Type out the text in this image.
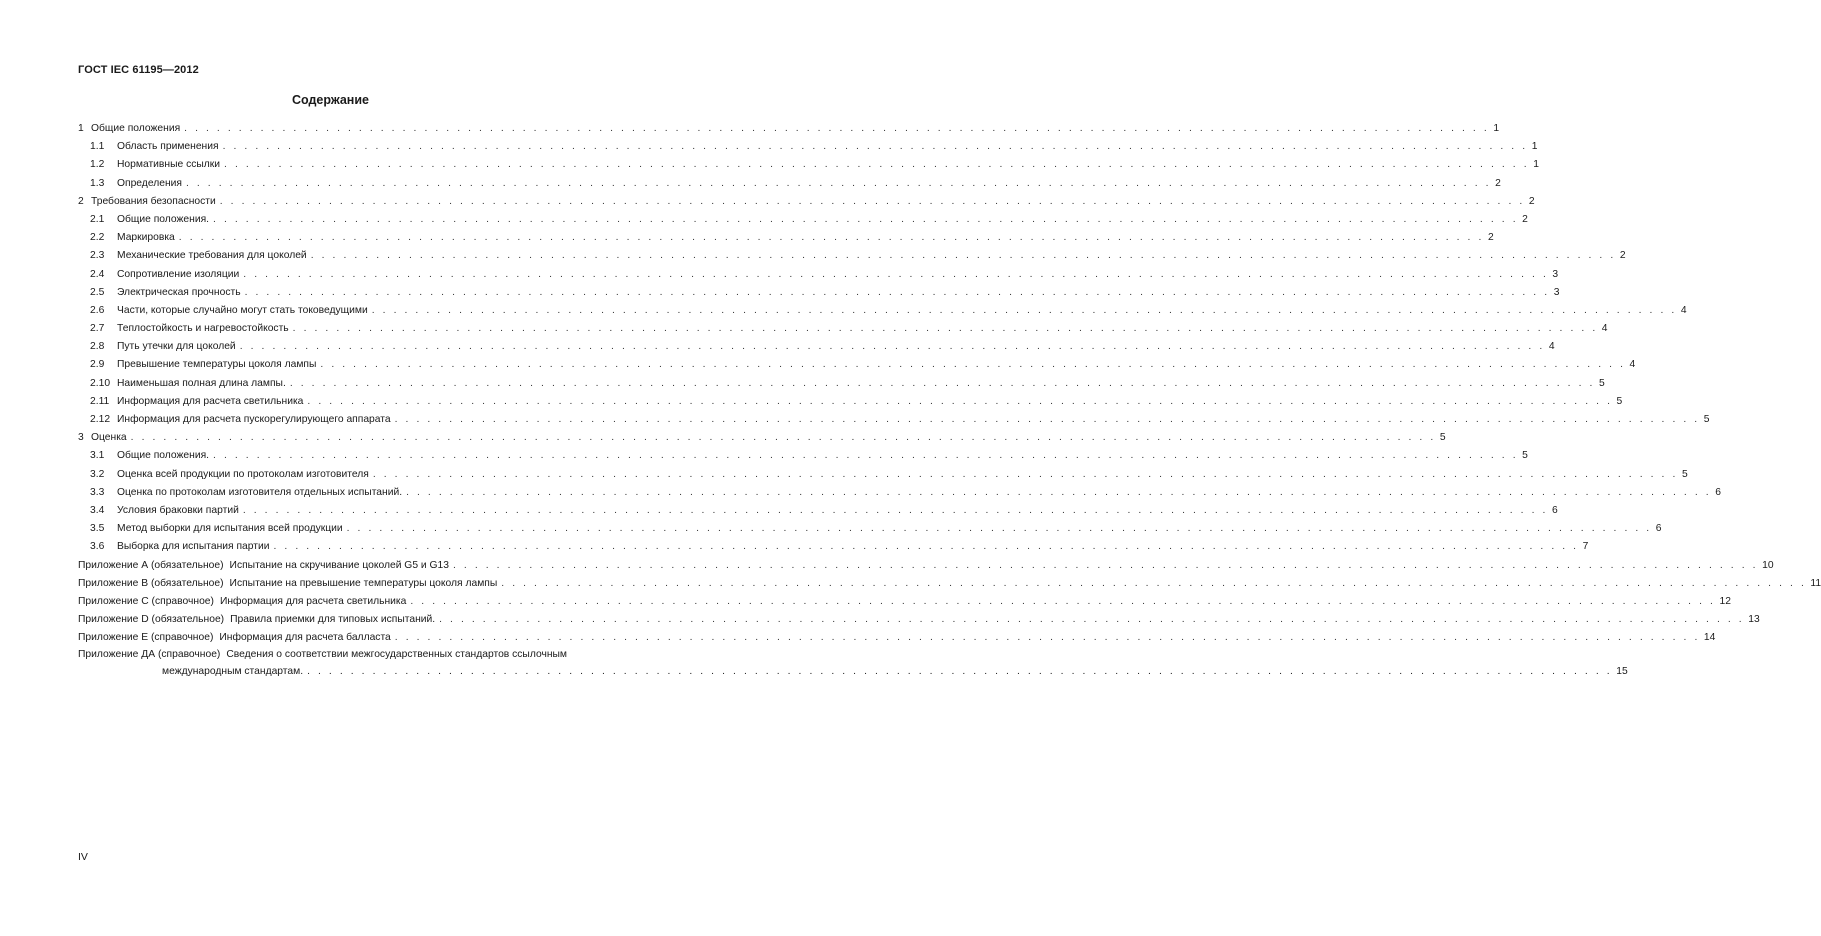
ГОСТ IEC 61195—2012
Содержание
1 Общие положения . . . . . . . . . . . . . . . . . . . . . . . . . . . . . . . . . . . . . . . . . . . . . . . . . . . . . . . . . . . . . . . . . . . . . . . . . . . . . . . . . . . . . . . . . . . . . . . . . . . . . . . . . . . . . . . . . . . . . . . . 1
1.1	Область применения . . . . . . . . . . . . . . . . . . . . . . . . . . . . . . . . . . . . . . . . . . . . . . . . . . . . . . . . . . . . . . . . . . . . . . . . . . . . . . . . . . . . . . . . . . . . . . . . . . . . . . . . . . . . . . . . . . . . . . . . 1
1.2	Нормативные ссылки . . . . . . . . . . . . . . . . . . . . . . . . . . . . . . . . . . . . . . . . . . . . . . . . . . . . . . . . . . . . . . . . . . . . . . . . . . . . . . . . . . . . . . . . . . . . . . . . . . . . . . . . . . . . . . . . . . . . . . . . 1
1.3	Определения . . . . . . . . . . . . . . . . . . . . . . . . . . . . . . . . . . . . . . . . . . . . . . . . . . . . . . . . . . . . . . . . . . . . . . . . . . . . . . . . . . . . . . . . . . . . . . . . . . . . . . . . . . . . . . . . . . . . . . . . 2
2 Требования безопасности . . . . . . . . . . . . . . . . . . . . . . . . . . . . . . . . . . . . . . . . . . . . . . . . . . . . . . . . . . . . . . . . . . . . . . . . . . . . . . . . . . . . . . . . . . . . . . . . . . . . . . . . . . . . . . . . . . . . . . . . 2
2.1	Общие положения. . . . . . . . . . . . . . . . . . . . . . . . . . . . . . . . . . . . . . . . . . . . . . . . . . . . . . . . . . . . . . . . . . . . . . . . . . . . . . . . . . . . . . . . . . . . . . . . . . . . . . . . . . . . . . . . . . . . . . . . . 2
2.2	Маркировка . . . . . . . . . . . . . . . . . . . . . . . . . . . . . . . . . . . . . . . . . . . . . . . . . . . . . . . . . . . . . . . . . . . . . . . . . . . . . . . . . . . . . . . . . . . . . . . . . . . . . . . . . . . . . . . . . . . . . . . . 2
2.3	Механические требования для цоколей . . . . . . . . . . . . . . . . . . . . . . . . . . . . . . . . . . . . . . . . . . . . . . . . . . . . . . . . . . . . . . . . . . . . . . . . . . . . . . . . . . . . . . . . . . . . . . . . . . . . . . . . . . . . . . . . . . . . . . . . 2
2.4	Сопротивление изоляции . . . . . . . . . . . . . . . . . . . . . . . . . . . . . . . . . . . . . . . . . . . . . . . . . . . . . . . . . . . . . . . . . . . . . . . . . . . . . . . . . . . . . . . . . . . . . . . . . . . . . . . . . . . . . . . . . . . . . . . . 3
2.5	Электрическая прочность . . . . . . . . . . . . . . . . . . . . . . . . . . . . . . . . . . . . . . . . . . . . . . . . . . . . . . . . . . . . . . . . . . . . . . . . . . . . . . . . . . . . . . . . . . . . . . . . . . . . . . . . . . . . . . . . . . . . . . . . 3
2.6	Части, которые случайно могут стать токоведущими . . . . . . . . . . . . . . . . . . . . . . . . . . . . . . . . . . . . . . . . . . . . . . . . . . . . . . . . . . . . . . . . . . . . . . . . . . . . . . . . . . . . . . . . . . . . . . . . . . . . . . . . . . . . . . . . . . . . . . . . 4
2.7	Теплостойкость и нагревостойкость . . . . . . . . . . . . . . . . . . . . . . . . . . . . . . . . . . . . . . . . . . . . . . . . . . . . . . . . . . . . . . . . . . . . . . . . . . . . . . . . . . . . . . . . . . . . . . . . . . . . . . . . . . . . . . . . . . . . . . . . 4
2.8	Путь утечки для цоколей . . . . . . . . . . . . . . . . . . . . . . . . . . . . . . . . . . . . . . . . . . . . . . . . . . . . . . . . . . . . . . . . . . . . . . . . . . . . . . . . . . . . . . . . . . . . . . . . . . . . . . . . . . . . . . . . . . . . . . . . 4
2.9	Превышение температуры цоколя лампы . . . . . . . . . . . . . . . . . . . . . . . . . . . . . . . . . . . . . . . . . . . . . . . . . . . . . . . . . . . . . . . . . . . . . . . . . . . . . . . . . . . . . . . . . . . . . . . . . . . . . . . . . . . . . . . . . . . . . . . . 4
2.10 Наименьшая полная длина лампы. . . . . . . . . . . . . . . . . . . . . . . . . . . . . . . . . . . . . . . . . . . . . . . . . . . . . . . . . . . . . . . . . . . . . . . . . . . . . . . . . . . . . . . . . . . . . . . . . . . . . . . . . . . . . . . . . . . . . . . . . 5
2.11 Информация для расчета светильника . . . . . . . . . . . . . . . . . . . . . . . . . . . . . . . . . . . . . . . . . . . . . . . . . . . . . . . . . . . . . . . . . . . . . . . . . . . . . . . . . . . . . . . . . . . . . . . . . . . . . . . . . . . . . . . . . . . . . . . . 5
2.12 Информация для расчета пускорегулирующего аппарата . . . . . . . . . . . . . . . . . . . . . . . . . . . . . . . . . . . . . . . . . . . . . . . . . . . . . . . . . . . . . . . . . . . . . . . . . . . . . . . . . . . . . . . . . . . . . . . . . . . . . . . . . . . . . . . . . . . . . . . . 5
3 Оценка . . . . . . . . . . . . . . . . . . . . . . . . . . . . . . . . . . . . . . . . . . . . . . . . . . . . . . . . . . . . . . . . . . . . . . . . . . . . . . . . . . . . . . . . . . . . . . . . . . . . . . . . . . . . . . . . . . . . . . . . 5
3.1	Общие положения. . . . . . . . . . . . . . . . . . . . . . . . . . . . . . . . . . . . . . . . . . . . . . . . . . . . . . . . . . . . . . . . . . . . . . . . . . . . . . . . . . . . . . . . . . . . . . . . . . . . . . . . . . . . . . . . . . . . . . . . . 5
3.2	Оценка всей продукции по протоколам изготовителя . . . . . . . . . . . . . . . . . . . . . . . . . . . . . . . . . . . . . . . . . . . . . . . . . . . . . . . . . . . . . . . . . . . . . . . . . . . . . . . . . . . . . . . . . . . . . . . . . . . . . . . . . . . . . . . . . . . . . . . . 5
3.3	Оценка по протоколам изготовителя отдельных испытаний. . . . . . . . . . . . . . . . . . . . . . . . . . . . . . . . . . . . . . . . . . . . . . . . . . . . . . . . . . . . . . . . . . . . . . . . . . . . . . . . . . . . . . . . . . . . . . . . . . . . . . . . . . . . . . . . . . . . . . . . . 6
3.4	Условия браковки партий . . . . . . . . . . . . . . . . . . . . . . . . . . . . . . . . . . . . . . . . . . . . . . . . . . . . . . . . . . . . . . . . . . . . . . . . . . . . . . . . . . . . . . . . . . . . . . . . . . . . . . . . . . . . . . . . . . . . . . . . 6
3.5	Метод выборки для испытания всей продукции . . . . . . . . . . . . . . . . . . . . . . . . . . . . . . . . . . . . . . . . . . . . . . . . . . . . . . . . . . . . . . . . . . . . . . . . . . . . . . . . . . . . . . . . . . . . . . . . . . . . . . . . . . . . . . . . . . . . . . . . 6
3.6	Выборка для испытания партии . . . . . . . . . . . . . . . . . . . . . . . . . . . . . . . . . . . . . . . . . . . . . . . . . . . . . . . . . . . . . . . . . . . . . . . . . . . . . . . . . . . . . . . . . . . . . . . . . . . . . . . . . . . . . . . . . . . . . . . . 7
Приложение А (обязательное) Испытание на скручивание цоколей G5 и G13 . . . . . . . . . . . . . . . . . . . . . . . . . . . . . . . . . . . . . . . . . . . . . . . . . . . . . . . . . . . . . . . . . . . . . . . . . . . . . . . . . . . . . . . . . . . . . . . . . . . . . . . . . . . . . . . . . . . . . . . . 10
Приложение В (обязательное) Испытание на превышение температуры цоколя лампы . . . . . . . . . . . . . . . . . . . . . . . . . . . . . . . . . . . . . . . . . . . . . . . . . . . . . . . . . . . . . . . . . . . . . . . . . . . . . . . . . . . . . . . . . . . . . . . . . . . . . . . . . . . . . . . . . . . . . . . . 11
Приложение С (справочное) Информация для расчета светильника . . . . . . . . . . . . . . . . . . . . . . . . . . . . . . . . . . . . . . . . . . . . . . . . . . . . . . . . . . . . . . . . . . . . . . . . . . . . . . . . . . . . . . . . . . . . . . . . . . . . . . . . . . . . . . . . . . . . . . . . 12
Приложение D (обязательное) Правила приемки для типовых испытаний. . . . . . . . . . . . . . . . . . . . . . . . . . . . . . . . . . . . . . . . . . . . . . . . . . . . . . . . . . . . . . . . . . . . . . . . . . . . . . . . . . . . . . . . . . . . . . . . . . . . . . . . . . . . . . . . . . . . . . . . . 13
Приложение Е (справочное) Информация для расчета балласта . . . . . . . . . . . . . . . . . . . . . . . . . . . . . . . . . . . . . . . . . . . . . . . . . . . . . . . . . . . . . . . . . . . . . . . . . . . . . . . . . . . . . . . . . . . . . . . . . . . . . . . . . . . . . . . . . . . . . . . . 14
Приложение ДА (справочное) Сведения о соответствии межгосударственных стандартов ссылочным
международным стандартам. . . . . . . . . . . . . . . . . . . . . . . . . . . . . . . . . . . . . . . . . . . . . . . . . . . . . . . . . . . . . . . . . . . . . . . . . . . . . . . . . . . . . . . . . . . . . . . . . . . . . . . . . . . . . . . . . . . . . . . . . 15
IV
